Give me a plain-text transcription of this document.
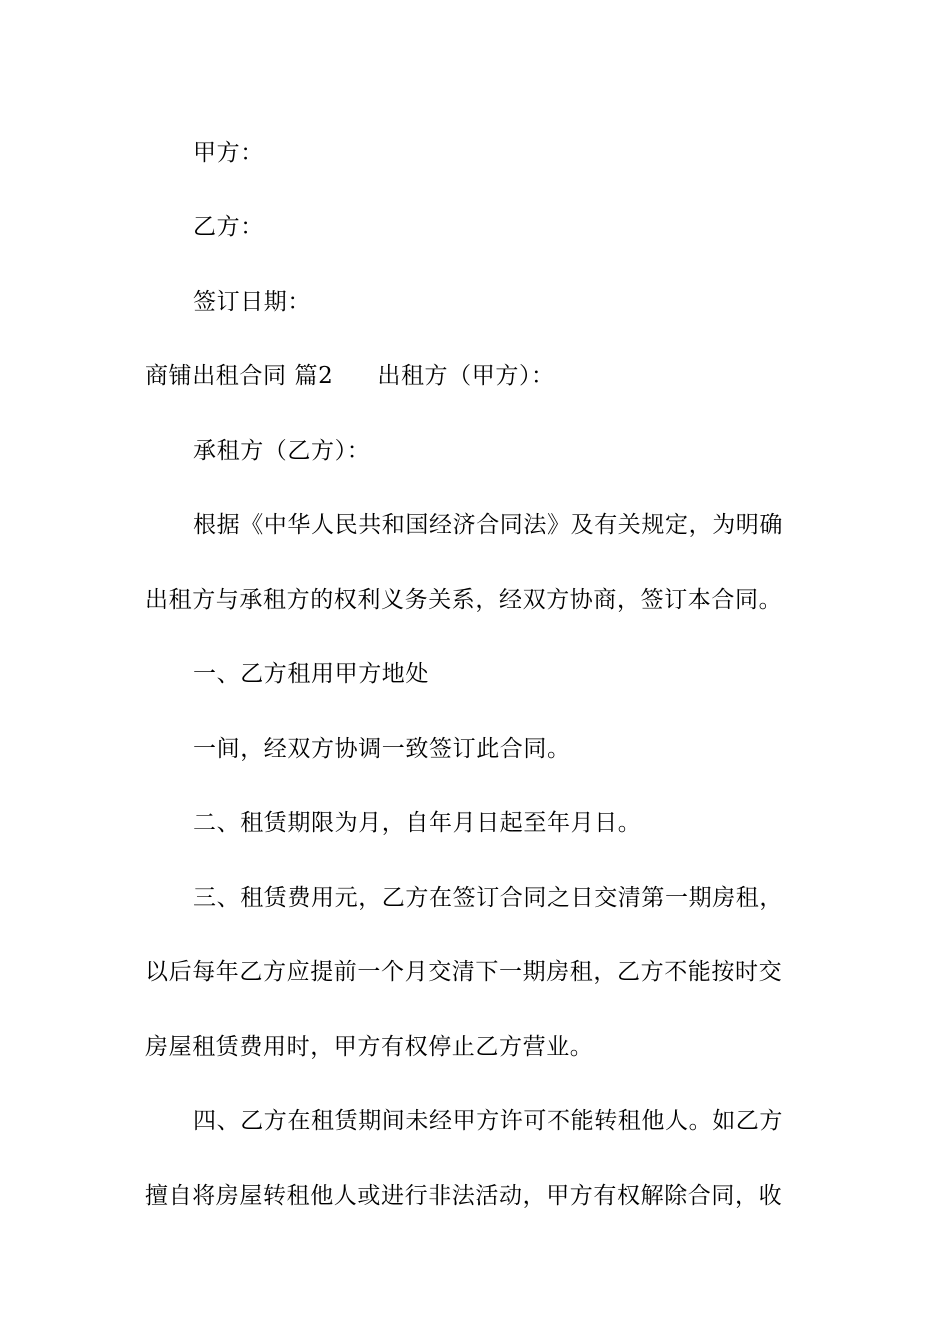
甲方：
乙方：
签订日期：
商铺出租合同 篇2 出租方（甲方）：
承租方（乙方）：
根据《中华人民共和国经济合同法》及有关规定，为明确
出租方与承租方的权利义务关系，经双方协商，签订本合同。
一、乙方租用甲方地处
一间，经双方协调一致签订此合同。
二、租赁期限为月，自年月日起至年月日。
三、租赁费用元，乙方在签订合同之日交清第一期房租，
以后每年乙方应提前一个月交清下一期房租，乙方不能按时交
房屋租赁费用时，甲方有权停止乙方营业。
四、乙方在租赁期间未经甲方许可不能转租他人。如乙方
擅自将房屋转租他人或进行非法活动，甲方有权解除合同，收
